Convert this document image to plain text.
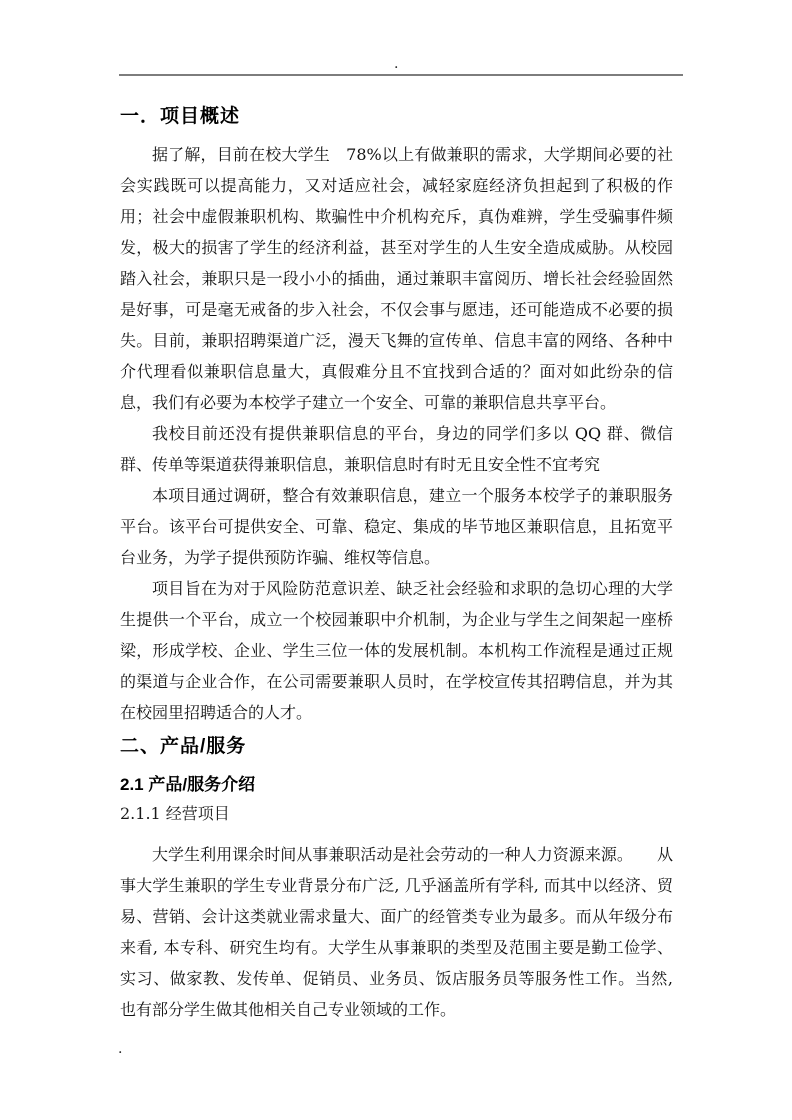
.
一．项目概述

据了解，目前在校大学生　78%以上有做兼职的需求，大学期间必要的社会实践既可以提高能力，又对适应社会，减轻家庭经济负担起到了积极的作用；社会中虚假兼职机构、欺骗性中介机构充斥，真伪难辨，学生受骗事件频发，极大的损害了学生的经济利益，甚至对学生的人生安全造成威胁。从校园踏入社会，兼职只是一段小小的插曲，通过兼职丰富阅历、增长社会经验固然是好事，可是毫无戒备的步入社会，不仅会事与愿违，还可能造成不必要的损失。目前，兼职招聘渠道广泛，漫天飞舞的宣传单、信息丰富的网络、各种中介代理看似兼职信息量大，真假难分且不宜找到合适的？面对如此纷杂的信息，我们有必要为本校学子建立一个安全、可靠的兼职信息共享平台。

我校目前还没有提供兼职信息的平台，身边的同学们多以 QQ 群、微信群、传单等渠道获得兼职信息，兼职信息时有时无且安全性不宜考究

本项目通过调研，整合有效兼职信息，建立一个服务本校学子的兼职服务平台。该平台可提供安全、可靠、稳定、集成的毕节地区兼职信息，且拓宽平台业务，为学子提供预防诈骗、维权等信息。

项目旨在为对于风险防范意识差、缺乏社会经验和求职的急切心理的大学生提供一个平台，成立一个校园兼职中介机制，为企业与学生之间架起一座桥梁，形成学校、企业、学生三位一体的发展机制。本机构工作流程是通过正规的渠道与企业合作，在公司需要兼职人员时，在学校宣传其招聘信息，并为其在校园里招聘适合的人才。

二、产品/服务
2.1 产品/服务介绍
2.1.1 经营项目

大学生利用课余时间从事兼职活动是社会劳动的一种人力资源来源。　　从事大学生兼职的学生专业背景分布广泛, 几乎涵盖所有学科, 而其中以经济、贸易、营销、会计这类就业需求量大、面广的经管类专业为最多。而从年级分布来看, 本专科、研究生均有。大学生从事兼职的类型及范围主要是勤工俭学、实习、做家教、发传单、促销员、业务员、饭店服务员等服务性工作。当然, 也有部分学生做其他相关自己专业领域的工作。

.
